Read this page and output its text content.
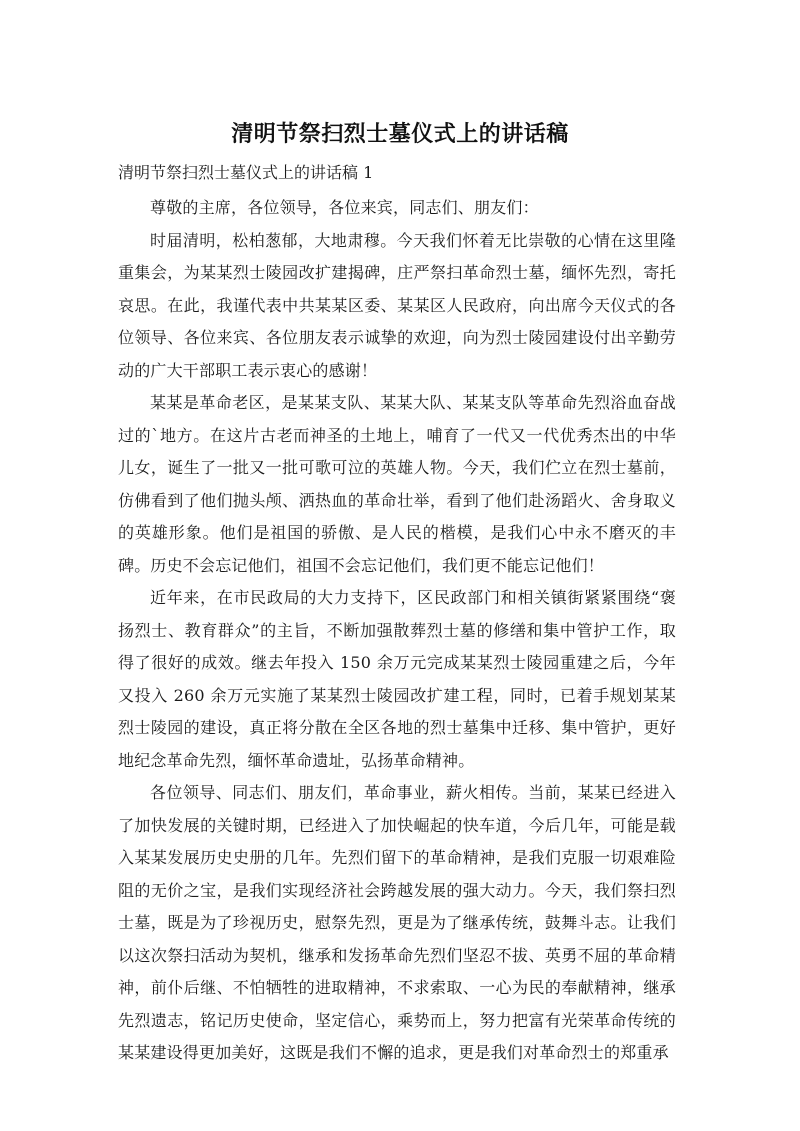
清明节祭扫烈士墓仪式上的讲话稿
清明节祭扫烈士墓仪式上的讲话稿 1

尊敬的主席，各位领导，各位来宾，同志们、朋友们：

时届清明，松柏葱郁，大地肃穆。今天我们怀着无比崇敬的心情在这里隆重集会，为某某烈士陵园改扩建揭碑，庄严祭扫革命烈士墓，缅怀先烈，寄托哀思。在此，我谨代表中共某某区委、某某区人民政府，向出席今天仪式的各位领导、各位来宾、各位朋友表示诚挚的欢迎，向为烈士陵园建设付出辛勤劳动的广大干部职工表示衷心的感谢！

某某是革命老区，是某某支队、某某大队、某某支队等革命先烈浴血奋战过的`地方。在这片古老而神圣的土地上，哺育了一代又一代优秀杰出的中华儿女，诞生了一批又一批可歌可泣的英雄人物。今天，我们伫立在烈士墓前，仿佛看到了他们抛头颅、洒热血的革命壮举，看到了他们赴汤蹈火、舍身取义的英雄形象。他们是祖国的骄傲、是人民的楷模，是我们心中永不磨灭的丰碑。历史不会忘记他们，祖国不会忘记他们，我们更不能忘记他们！

近年来，在市民政局的大力支持下，区民政部门和相关镇街紧紧围绕“褒扬烈士、教育群众”的主旨，不断加强散葬烈士墓的修缮和集中管护工作，取得了很好的成效。继去年投入 150 余万元完成某某烈士陵园重建之后，今年又投入 260 余万元实施了某某烈士陵园改扩建工程，同时，已着手规划某某烈士陵园的建设，真正将分散在全区各地的烈士墓集中迁移、集中管护，更好地纪念革命先烈，缅怀革命遗址，弘扬革命精神。

各位领导、同志们、朋友们，革命事业，薪火相传。当前，某某已经进入了加快发展的关键时期，已经进入了加快崛起的快车道，今后几年，可能是载入某某发展历史史册的几年。先烈们留下的革命精神，是我们克服一切艰难险阻的无价之宝，是我们实现经济社会跨越发展的强大动力。今天，我们祭扫烈士墓，既是为了珍视历史，慰祭先烈，更是为了继承传统，鼓舞斗志。让我们以这次祭扫活动为契机，继承和发扬革命先烈们坚忍不拔、英勇不屈的革命精神，前仆后继、不怕牺牲的进取精神，不求索取、一心为民的奉献精神，继承先烈遗志，铭记历史使命，坚定信心，乘势而上，努力把富有光荣革命传统的某某建设得更加美好，这既是我们不懈的追求，更是我们对革命烈士的郑重承
